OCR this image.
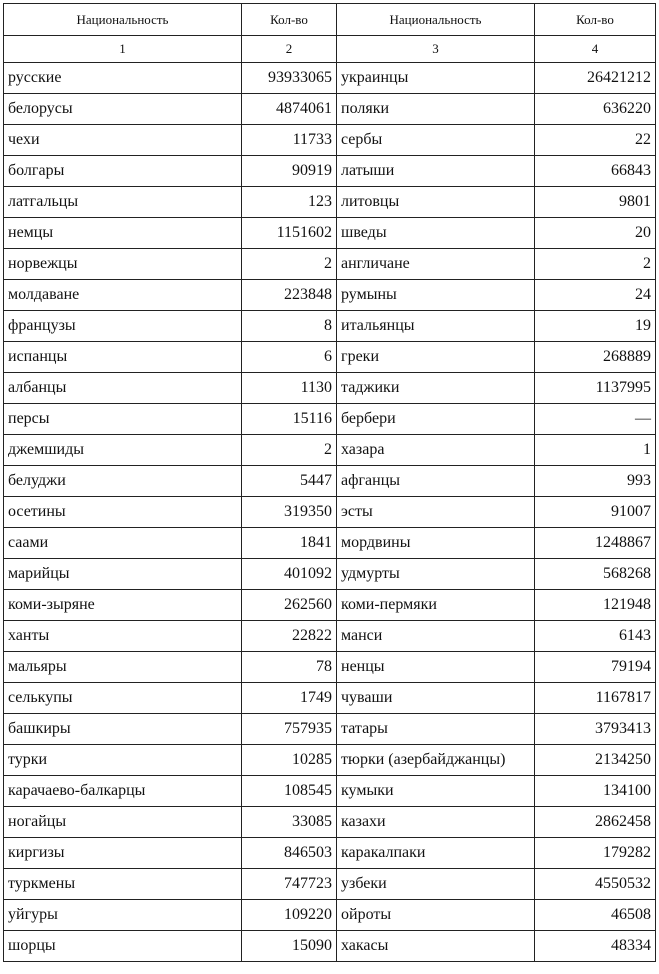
Национальность	Кол-во	Национальность	Кол-во
1	2	3	4
русские	93933065	украинцы	26421212
белорусы	4874061	поляки	636220
чехи	11733	сербы	22
болгары	90919	латыши	66843
латгальцы	123	литовцы	9801
немцы	1151602	шведы	20
норвежцы	2	англичане	2
молдаване	223848	румыны	24
французы	8	итальянцы	19
испанцы	6	греки	268889
албанцы	1130	таджики	1137995
персы	15116	бербери	—
джемшиды	2	хазара	1
белуджи	5447	афганцы	993
осетины	319350	эсты	91007
саами	1841	мордвины	1248867
марийцы	401092	удмурты	568268
коми-зыряне	262560	коми-пермяки	121948
ханты	22822	манси	6143
мальяры	78	ненцы	79194
селькупы	1749	чуваши	1167817
башкиры	757935	татары	3793413
турки	10285	тюрки (азербайджанцы)	2134250
карачаево-балкарцы	108545	кумыки	134100
ногайцы	33085	казахи	2862458
киргизы	846503	каракалпаки	179282
туркмены	747723	узбеки	4550532
уйгуры	109220	ойроты	46508
шорцы	15090	хакасы	48334
